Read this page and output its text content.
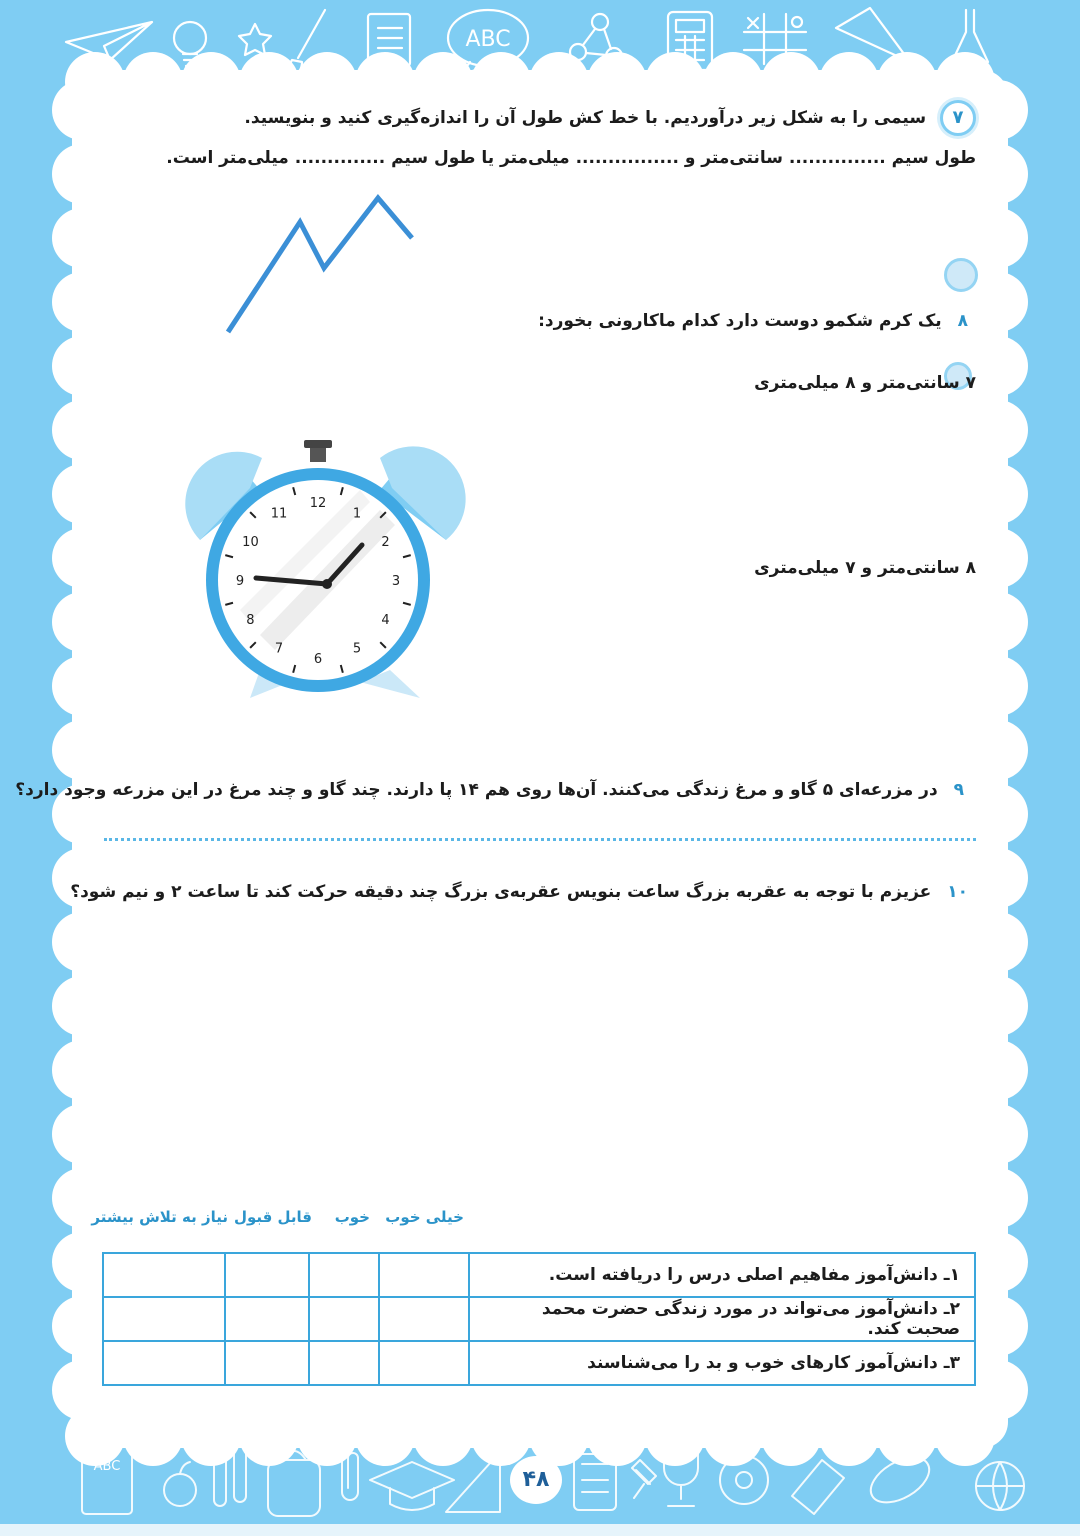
ABC
۷ سیمی را به شکل زیر درآوردیم. با خط کش طول آن را اندازه‌گیری کنید و بنویسید.
طول سیم ............... سانتی‌متر و ................ میلی‌متر یا طول سیم .............. میلی‌متر است.
۸ یک کرم شکمو دوست دارد کدام ماکارونی بخورد:
۷ سانتی‌متر و ۸ میلی‌متری
۸ سانتی‌متر و ۷ میلی‌متری
12
1
2
3
4
5
6
7
8
9
10
11
۹ در مزرعه‌ای ۵ گاو و مرغ زندگی می‌کنند. آن‌ها روی هم ۱۴ پا دارند. چند گاو و چند مرغ در این مزرعه وجود دارد؟
۱۰ عزیزم با توجه به عقربه بزرگ ساعت بنویس عقربه‌ی بزرگ چند دقیقه حرکت کند تا ساعت ۲ و نیم شود؟
خیلی خوب
خوب
قابل قبول
نیاز به تلاش بیشتر
۱ـ دانش‌آموز مفاهیم اصلی درس را دریافته است.				
۲ـ دانش‌آموز می‌تواند در مورد زندگی حضرت محمد صحبت کند.				
۳ـ دانش‌آموز کارهای خوب و بد را می‌شناسند				
ABC
۴۸
